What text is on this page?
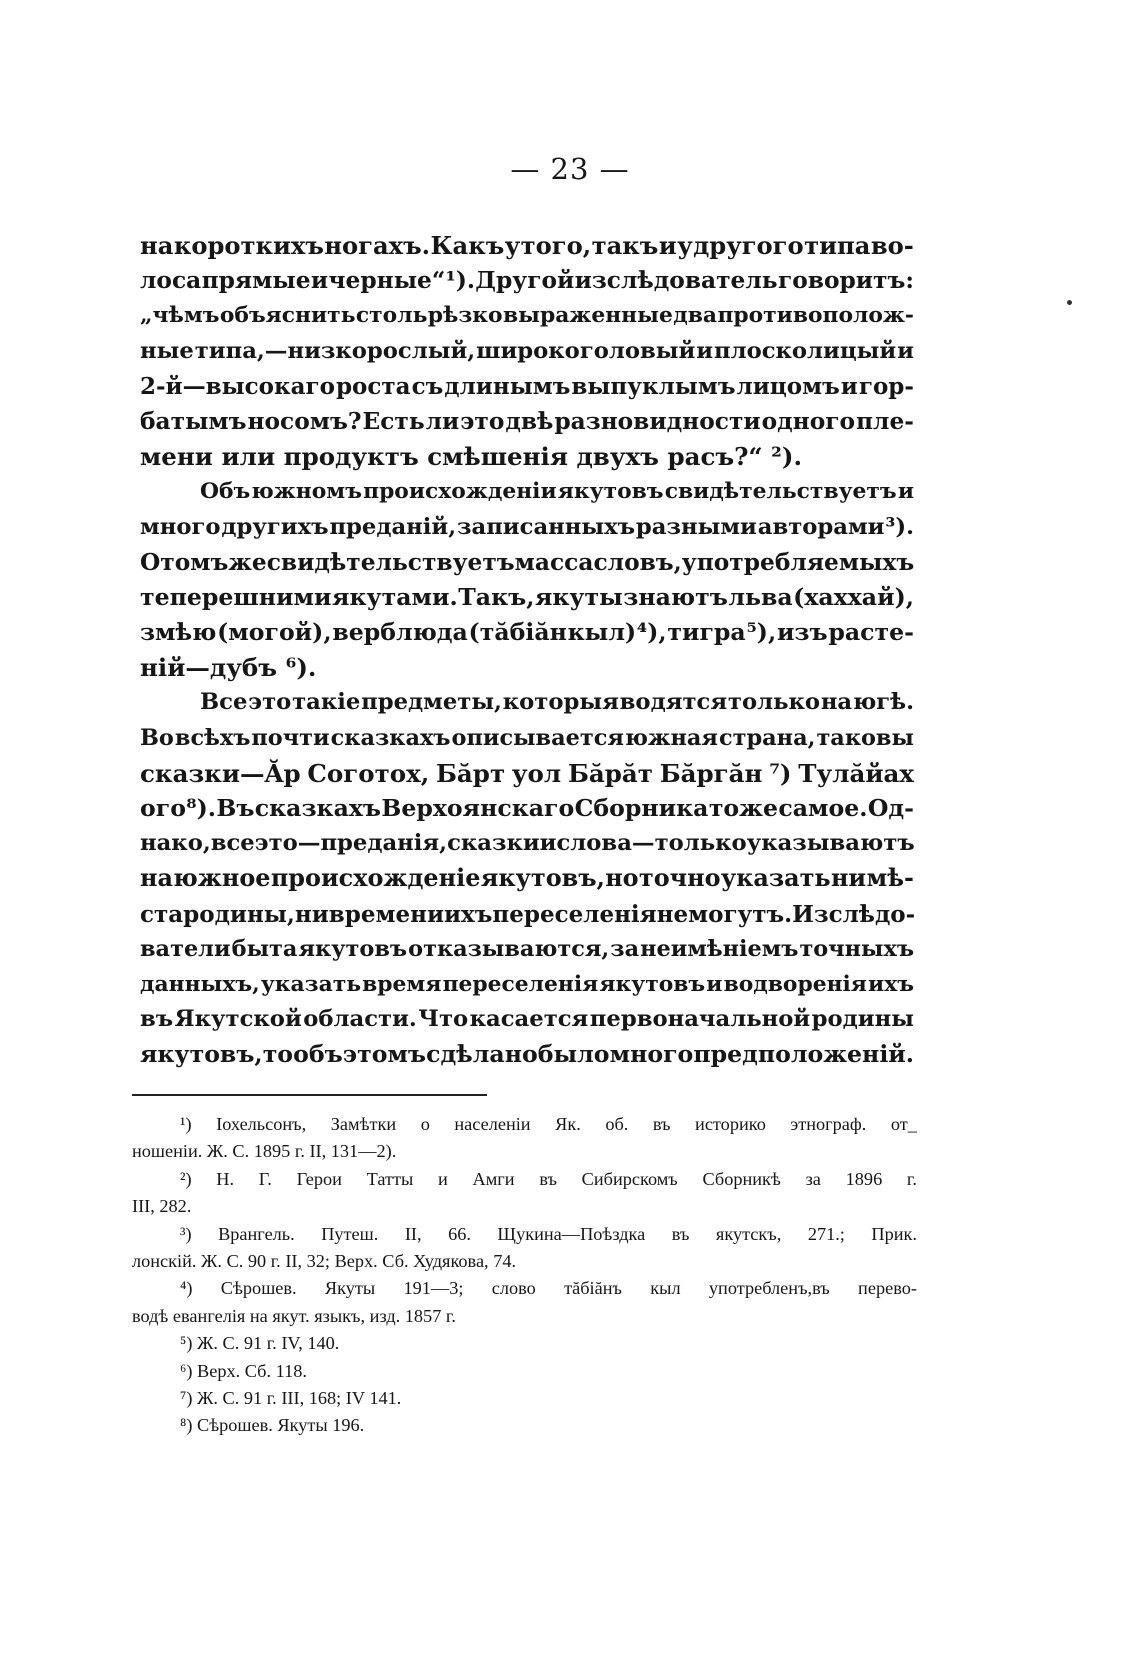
— 23 —
на короткихъ ногахъ. Какъ у того, такъ и у другого типа во-
лоса прямые и черные“ ¹). Другой изслѣдователь говоритъ:
„чѣмъ объяснить столь рѣзко выраженные два противополож-
ные типа,—низкорослый, широкоголовый и плосколицый и
2-й—высокаго роста съ длинымъ выпуклымъ лицомъ и гор-
батымъ носомъ? Есть ли это двѣ разновидности одного пле-
мени или продуктъ смѣшенія двухъ расъ?“ ²).
Объ южномъ происхожденіи якутовъ свидѣтельствуетъ и
много другихъ преданій, записанныхъ разными авторами ³).
О томъ же свидѣтельствуетъ масса словъ, употребляемыхъ
теперешними якутами. Такъ, якуты знаютъ льва (хаххай),
змѣю (могой), верблюда (тăбіăн кыл) ⁴), тигра ⁵), изъ расте-
ній—дубъ ⁶).
Все это такіе предметы, которыя водятся только на югѣ.
Во всѣхъ почти сказкахъ описывается южная страна, таковы
сказки—Ăр Соготох, Бăрт уол Бăрăт Бăргăн ⁷) Тулăйах
ого ⁸). Въ сказкахъ Верхоянскаго Сборника тоже самое. Од-
нако, все это—преданія, сказки и слова—только указываютъ
на южное происхожденіе якутовъ, но точно указать ни мѣ-
ста родины, ни времени ихъ переселенія не могутъ. Изслѣдо-
ватели быта якутовъ отказываются, за неимѣніемъ точныхъ
данныхъ, указать время переселенія якутовъ и водворенія ихъ
въ Якутской области. Что касается первоначальной родины
якутовъ, то объ этомъ сдѣлано было много предположеній.
¹) Іохельсонъ, Замѣтки о населеніи Як. об. въ историко этнограф. от_
ношеніи. Ж. С. 1895 г. II, 131—2).
²) Н. Г. Герои Татты и Амги въ Сибирскомъ Сборникѣ за 1896 г.
III, 282.
³) Врангель. Путеш. II, 66. Щукина—Поѣздка въ якутскъ, 271.; Прик.
лонскій. Ж. С. 90 г. II, 32; Верх. Сб. Худякова, 74.
⁴) Сѣрошев. Якуты 191—3; слово тăбіăнъ кыл употребленъ,въ перево-
водѣ евангелія на якут. языкъ, изд. 1857 г.
⁵) Ж. С. 91 г. IV, 140.
⁶) Верх. Сб. 118.
⁷) Ж. С. 91 г. III, 168; IV 141.
⁸) Сѣрошев. Якуты 196.
